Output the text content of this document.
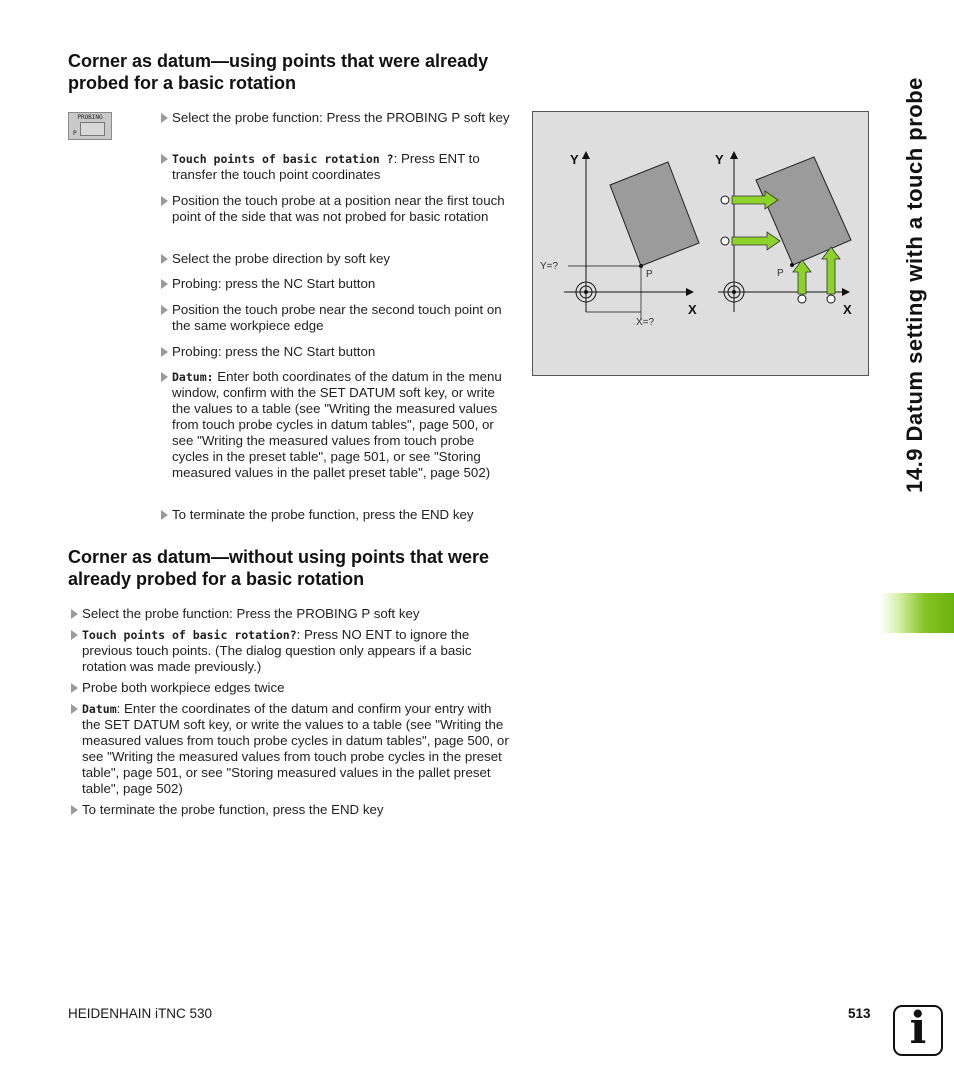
Corner as datum—using points that were already probed for a basic rotation
PROBING
P
Select the probe function: Press the PROBING P soft key
Touch points of basic rotation ?: Press ENT to transfer the touch point coordinates
Position the touch probe at a position near the first touch point of the side that was not probed for basic rotation
Select the probe direction by soft key
Probing: press the NC Start button
Position the touch probe near the second touch point on the same workpiece edge
Probing: press the NC Start button
Datum: Enter both coordinates of the datum in the menu window, confirm with the SET DATUM soft key, or write the values to a table (see "Writing the measured values from touch probe cycles in datum tables", page 500, or see "Writing the measured values from touch probe cycles in the preset table", page 501, or see "Storing measured values in the pallet preset table", page 502)
To terminate the probe function, press the END key
Y
X
Y=?
X=?
P
Y
X
P
Corner as datum—without using points that were already probed for a basic rotation
Select the probe function: Press the PROBING P soft key
Touch points of basic rotation?: Press NO ENT to ignore the previous touch points. (The dialog question only appears if a basic rotation was made previously.)
Probe both workpiece edges twice
Datum: Enter the coordinates of the datum and confirm your entry with the SET DATUM soft key, or write the values to a table (see "Writing the measured values from touch probe cycles in datum tables", page 500, or see "Writing the measured values from touch probe cycles in the preset table", page 501, or see "Storing measured values in the pallet preset table", page 502)
To terminate the probe function, press the END key
14.9 Datum setting with a touch probe
HEIDENHAIN iTNC 530	513 i
